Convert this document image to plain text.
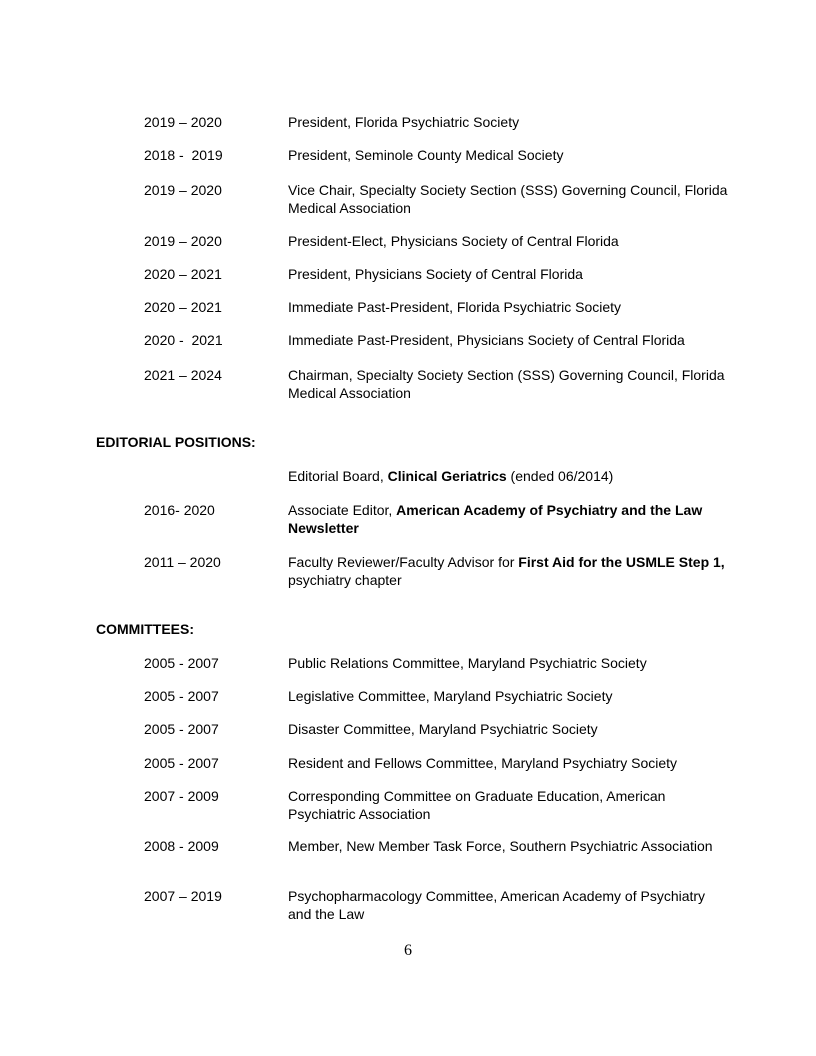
2019 – 2020	President, Florida Psychiatric Society
2018 -  2019	President, Seminole County Medical Society
2019 – 2020	Vice Chair, Specialty Society Section (SSS) Governing Council, Florida Medical Association
2019 – 2020	President-Elect, Physicians Society of Central Florida
2020 – 2021	President, Physicians Society of Central Florida
2020 – 2021	Immediate Past-President, Florida Psychiatric Society
2020 -  2021	Immediate Past-President, Physicians Society of Central Florida
2021 – 2024	Chairman, Specialty Society Section (SSS) Governing Council, Florida Medical Association
EDITORIAL POSITIONS:
Editorial Board, Clinical Geriatrics (ended 06/2014)
2016- 2020	Associate Editor, American Academy of Psychiatry and the Law Newsletter
2011 – 2020	Faculty Reviewer/Faculty Advisor for First Aid for the USMLE Step 1, psychiatry chapter
COMMITTEES:
2005 - 2007	Public Relations Committee, Maryland Psychiatric Society
2005 - 2007	Legislative Committee, Maryland Psychiatric Society
2005 - 2007	Disaster Committee, Maryland Psychiatric Society
2005 - 2007	Resident and Fellows Committee, Maryland Psychiatry Society
2007 - 2009	Corresponding Committee on Graduate Education, American Psychiatric Association
2008 - 2009	Member, New Member Task Force, Southern Psychiatric Association
2007 – 2019	Psychopharmacology Committee, American Academy of Psychiatry and the Law
6
